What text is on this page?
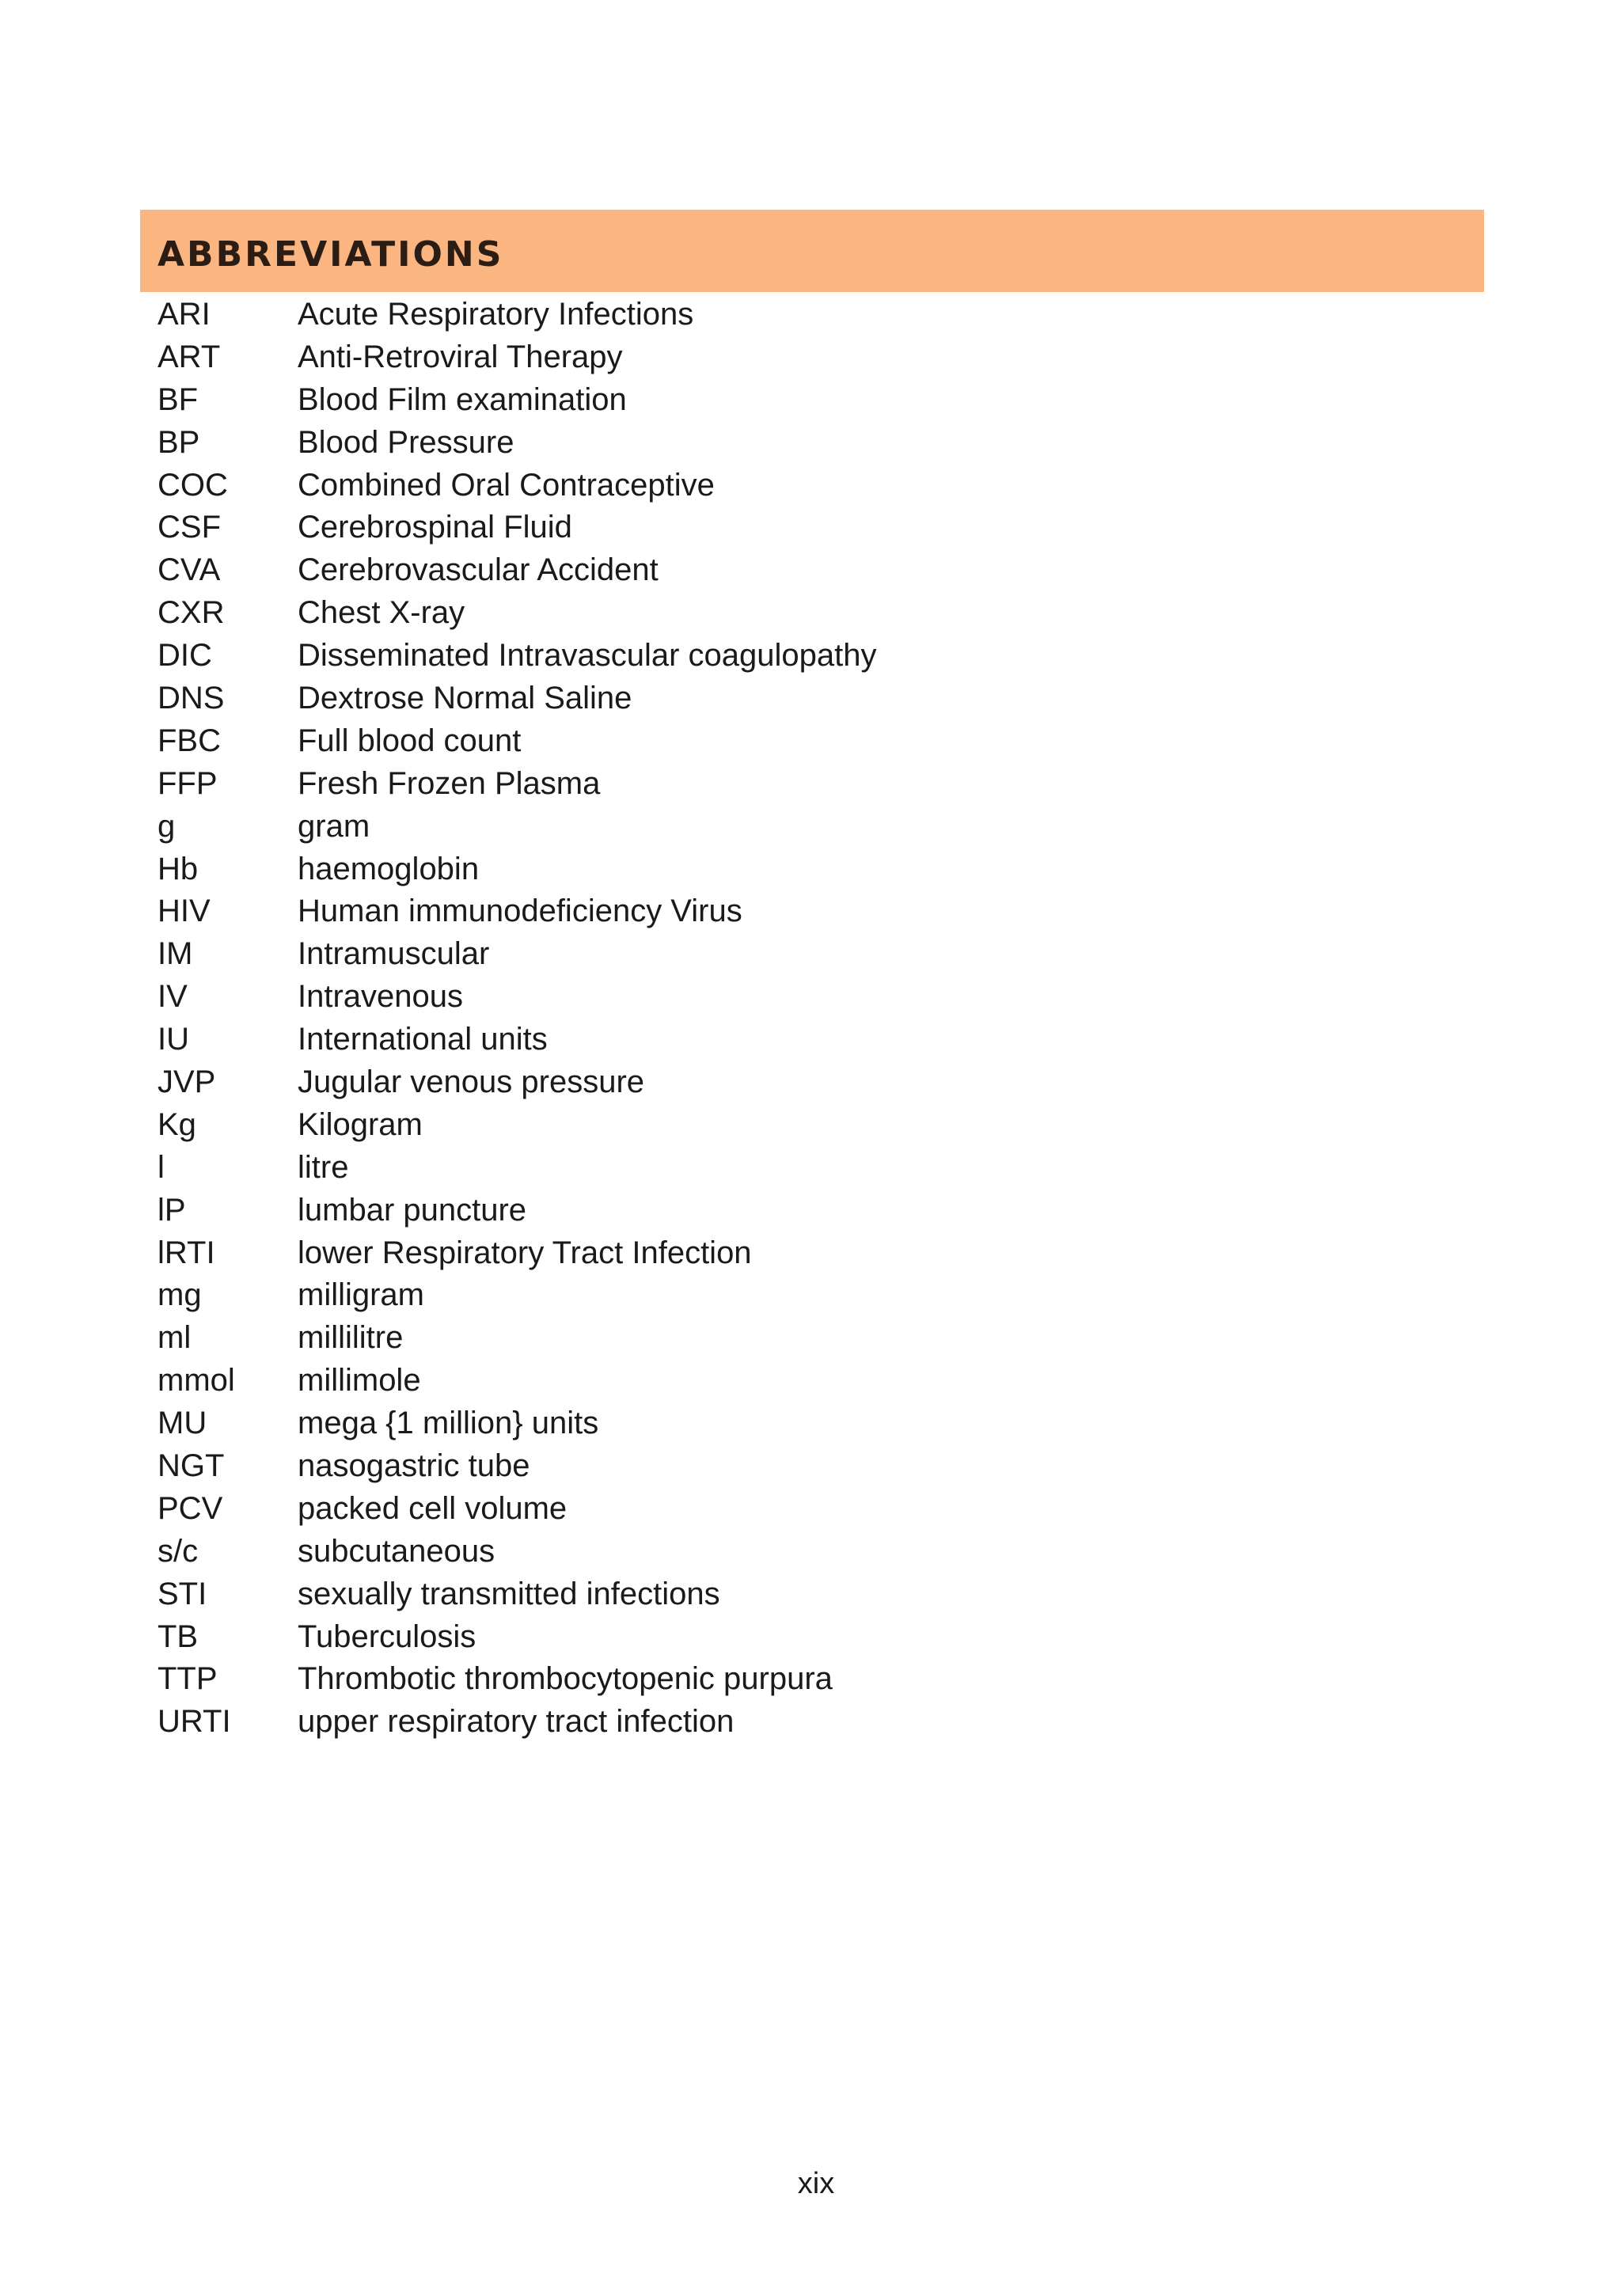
ABBREVIATIONS
ARI	Acute Respiratory Infections
ART	Anti-Retroviral Therapy
BF	Blood Film examination
BP	Blood Pressure
COC	Combined Oral Contraceptive
CSF	Cerebrospinal Fluid
CVA	Cerebrovascular Accident
CXR	Chest X-ray
DIC	Disseminated Intravascular coagulopathy
DNS	Dextrose Normal Saline
FBC	Full blood count
FFP	Fresh Frozen Plasma
g	gram
Hb	haemoglobin
HIV	Human immunodeficiency Virus
IM	Intramuscular
IV	Intravenous
IU	International units
JVP	Jugular venous pressure
Kg	Kilogram
l	litre
lP	lumbar puncture
lRTI	lower Respiratory Tract Infection
mg	milligram
ml	millilitre
mmol	millimole
MU	mega {1 million} units
NGT	nasogastric tube
PCV	packed cell volume
s/c	subcutaneous
STI	sexually transmitted infections
TB	Tuberculosis
TTP	Thrombotic thrombocytopenic purpura
URTI	upper respiratory tract infection
xix
